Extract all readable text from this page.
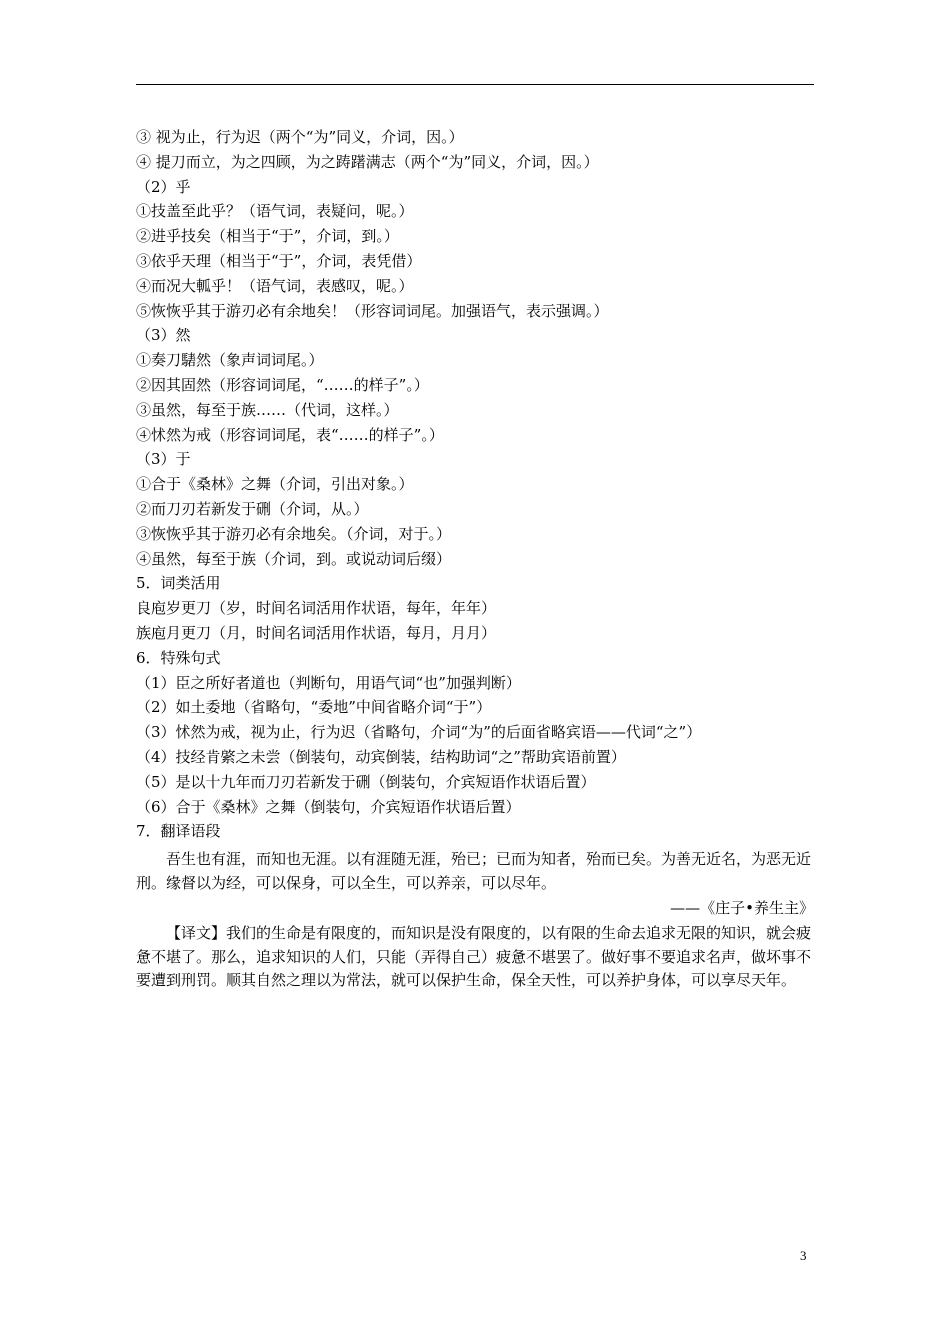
③ 视为止，行为迟（两个“为”同义，介词，因。）
④ 提刀而立，为之四顾，为之踌躇满志（两个“为”同义，介词，因。）
（2）乎
①技盖至此乎？（语气词，表疑问，呢。）
②进乎技矣（相当于“于”，介词，到。）
③依乎天理（相当于“于”，介词，表凭借）
④而况大軱乎！（语气词，表感叹，呢。）
⑤恢恢乎其于游刃必有余地矣！（形容词词尾。加强语气，表示强调。）
（3）然
①奏刀騞然（象声词词尾。）
②因其固然（形容词词尾，“……的样子”。）
③虽然，每至于族……（代词，这样。）
④怵然为戒（形容词词尾，表“……的样子”。）
（3）于
①合于《桑林》之舞（介词，引出对象。）
②而刀刃若新发于硎（介词，从。）
③恢恢乎其于游刃必有余地矣。（介词，对于。）
④虽然，每至于族（介词，到。或说动词后缀）
5．词类活用
良庖岁更刀（岁，时间名词活用作状语，每年，年年）
族庖月更刀（月，时间名词活用作状语，每月，月月）
6．特殊句式
（1）臣之所好者道也（判断句，用语气词“也”加强判断）
（2）如土委地（省略句，“委地”中间省略介词“于”）
（3）怵然为戒，视为止，行为迟（省略句，介词“为”的后面省略宾语——代词“之”）
（4）技经肯綮之未尝（倒装句，动宾倒装，结构助词“之”帮助宾语前置）
（5）是以十九年而刀刃若新发于硎（倒装句，介宾短语作状语后置）
（6）合于《桑林》之舞（倒装句，介宾短语作状语后置）
7．翻译语段
吾生也有涯，而知也无涯。以有涯随无涯，殆已；已而为知者，殆而已矣。为善无近名，为恶无近刑。缘督以为经，可以保身，可以全生，可以养亲，可以尽年。
——《庄子•养生主》
【译文】我们的生命是有限度的，而知识是没有限度的，以有限的生命去追求无限的知识，就会疲惫不堪了。那么，追求知识的人们，只能（弄得自己）疲惫不堪罢了。做好事不要追求名声，做坏事不要遭到刑罚。顺其自然之理以为常法，就可以保护生命，保全天性，可以养护身体，可以享尽天年。
3
